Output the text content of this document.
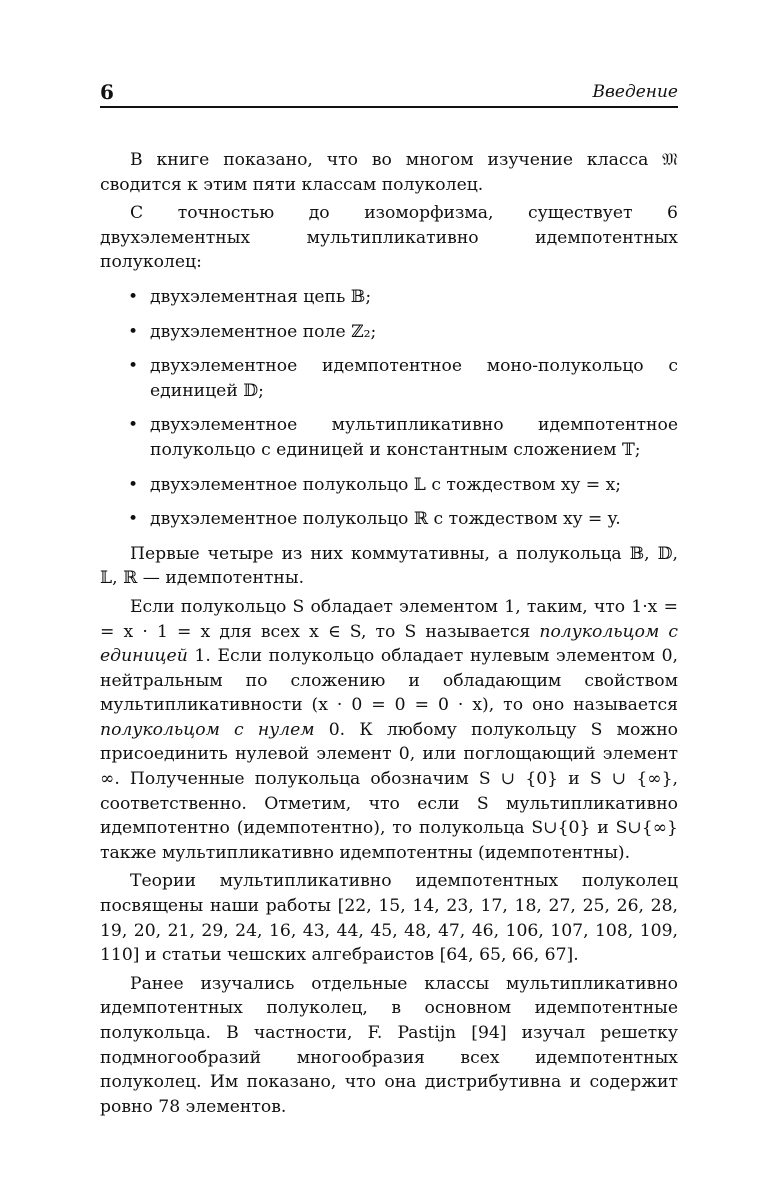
6	Введение

В книге показано, что во многом изучение класса 𝔐 сводится к этим пяти классам полуколец.

С точностью до изоморфизма, существует 6 двухэлементных мультипликативно идемпотентных полуколец:

• двухэлементная цепь 𝔹;
• двухэлементное поле ℤ₂;
• двухэлементное идемпотентное моно-полукольцо с единицей 𝔻;
• двухэлементное мультипликативно идемпотентное полукольцо с единицей и константным сложением 𝕋;
• двухэлементное полукольцо 𝕃 с тождеством xy = x;
• двухэлементное полукольцо ℝ с тождеством xy = y.

Первые четыре из них коммутативны, а полукольца 𝔹, 𝔻, 𝕃, ℝ — идемпотентны.

Если полукольцо S обладает элементом 1, таким, что 1·x = = x · 1 = x для всех x ∈ S, то S называется полукольцом с единицей 1. Если полукольцо обладает нулевым элементом 0, нейтральным по сложению и обладающим свойством мультипликативности (x · 0 = 0 = 0 · x), то оно называется полукольцом с нулем 0. К любому полукольцу S можно присоединить нулевой элемент 0, или поглощающий элемент ∞. Полученные полукольца обозначим S ∪ {0} и S ∪ {∞}, соответственно. Отметим, что если S мультипликативно идемпотентно (идемпотентно), то полукольца S∪{0} и S∪{∞} также мультипликативно идемпотентны (идемпотентны).

Теории мультипликативно идемпотентных полуколец посвящены наши работы [22, 15, 14, 23, 17, 18, 27, 25, 26, 28, 19, 20, 21, 29, 24, 16, 43, 44, 45, 48, 47, 46, 106, 107, 108, 109, 110] и статьи чешских алгебраистов [64, 65, 66, 67].

Ранее изучались отдельные классы мультипликативно идемпотентных полуколец, в основном идемпотентные полукольца. В частности, F. Pastijn [94] изучал решетку подмногообразий многообразия всех идемпотентных полуколец. Им показано, что она дистрибутивна и содержит ровно 78 элементов.
